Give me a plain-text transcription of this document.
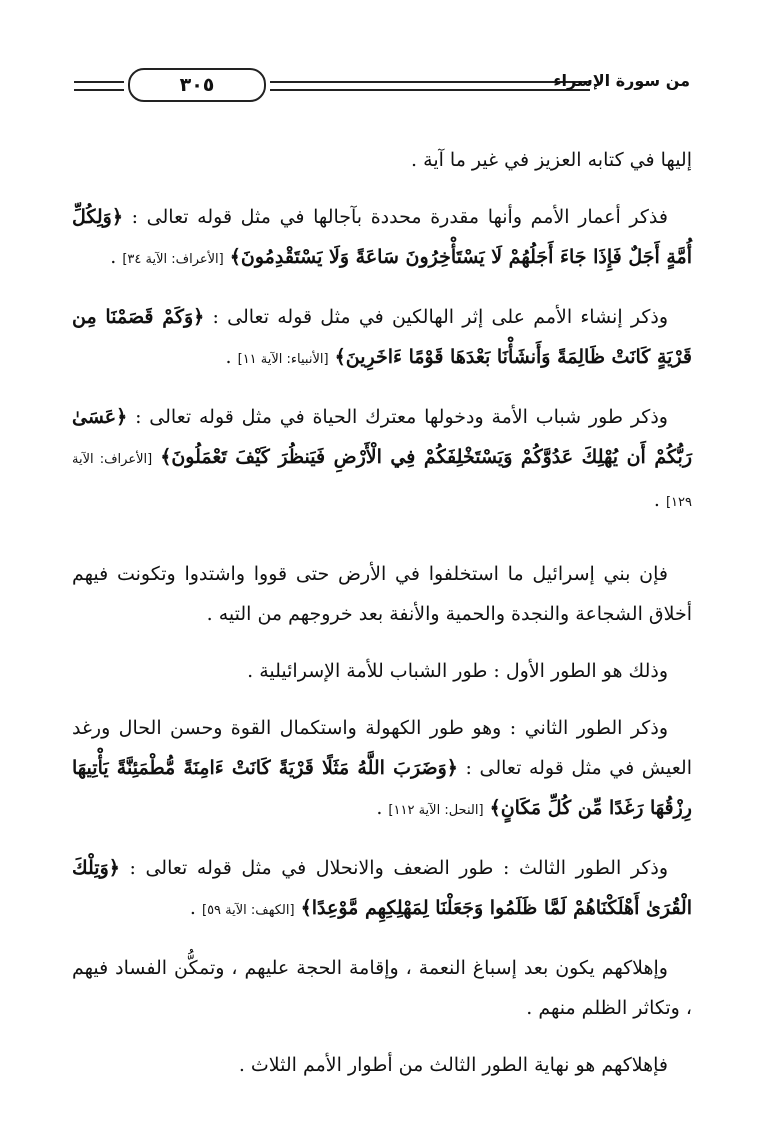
٣٠٥	من سورة الإسراء

إليها في كتابه العزيز في غير ما آية .

فذكر أعمار الأمم وأنها مقدرة محددة بآجالها في مثل قوله تعالى : ﴿وَلِكُلِّ أُمَّةٍ أَجَلٌ فَإِذَا جَاءَ أَجَلُهُمْ لَا يَسْتَأْخِرُونَ سَاعَةً وَلَا يَسْتَقْدِمُونَ﴾ [الأعراف: الآية ٣٤] .

وذكر إنشاء الأمم على إثر الهالكين في مثل قوله تعالى : ﴿وَكَمْ قَصَمْنَا مِن قَرْيَةٍ كَانَتْ ظَالِمَةً وَأَنشَأْنَا بَعْدَهَا قَوْمًا ءَاخَرِينَ﴾ [الأنبياء: الآية ١١] .

وذكر طور شباب الأمة ودخولها معترك الحياة في مثل قوله تعالى : ﴿عَسَىٰ رَبُّكُمْ أَن يُهْلِكَ عَدُوَّكُمْ وَيَسْتَخْلِفَكُمْ فِي الْأَرْضِ فَيَنظُرَ كَيْفَ تَعْمَلُونَ﴾ [الأعراف: الآية ١٢٩] .

فإن بني إسرائيل ما استخلفوا في الأرض حتى قووا واشتدوا وتكونت فيهم أخلاق الشجاعة والنجدة والحمية والأنفة بعد خروجهم من التيه .

وذلك هو الطور الأول : طور الشباب للأمة الإسرائيلية .

وذكر الطور الثاني : وهو طور الكهولة واستكمال القوة وحسن الحال ورغد العيش في مثل قوله تعالى : ﴿وَضَرَبَ اللَّهُ مَثَلًا قَرْيَةً كَانَتْ ءَامِنَةً مُّطْمَئِنَّةً يَأْتِيهَا رِزْقُهَا رَغَدًا مِّن كُلِّ مَكَانٍ﴾ [النحل: الآية ١١٢] .

وذكر الطور الثالث : طور الضعف والانحلال في مثل قوله تعالى : ﴿وَتِلْكَ الْقُرَىٰ أَهْلَكْنَاهُمْ لَمَّا ظَلَمُوا وَجَعَلْنَا لِمَهْلِكِهِم مَّوْعِدًا﴾ [الكهف: الآية ٥٩] .

وإهلاكهم يكون بعد إسباغ النعمة ، وإقامة الحجة عليهم ، وتمكُّن الفساد فيهم ، وتكاثر الظلم منهم .

فإهلاكهم هو نهاية الطور الثالث من أطوار الأمم الثلاث .
